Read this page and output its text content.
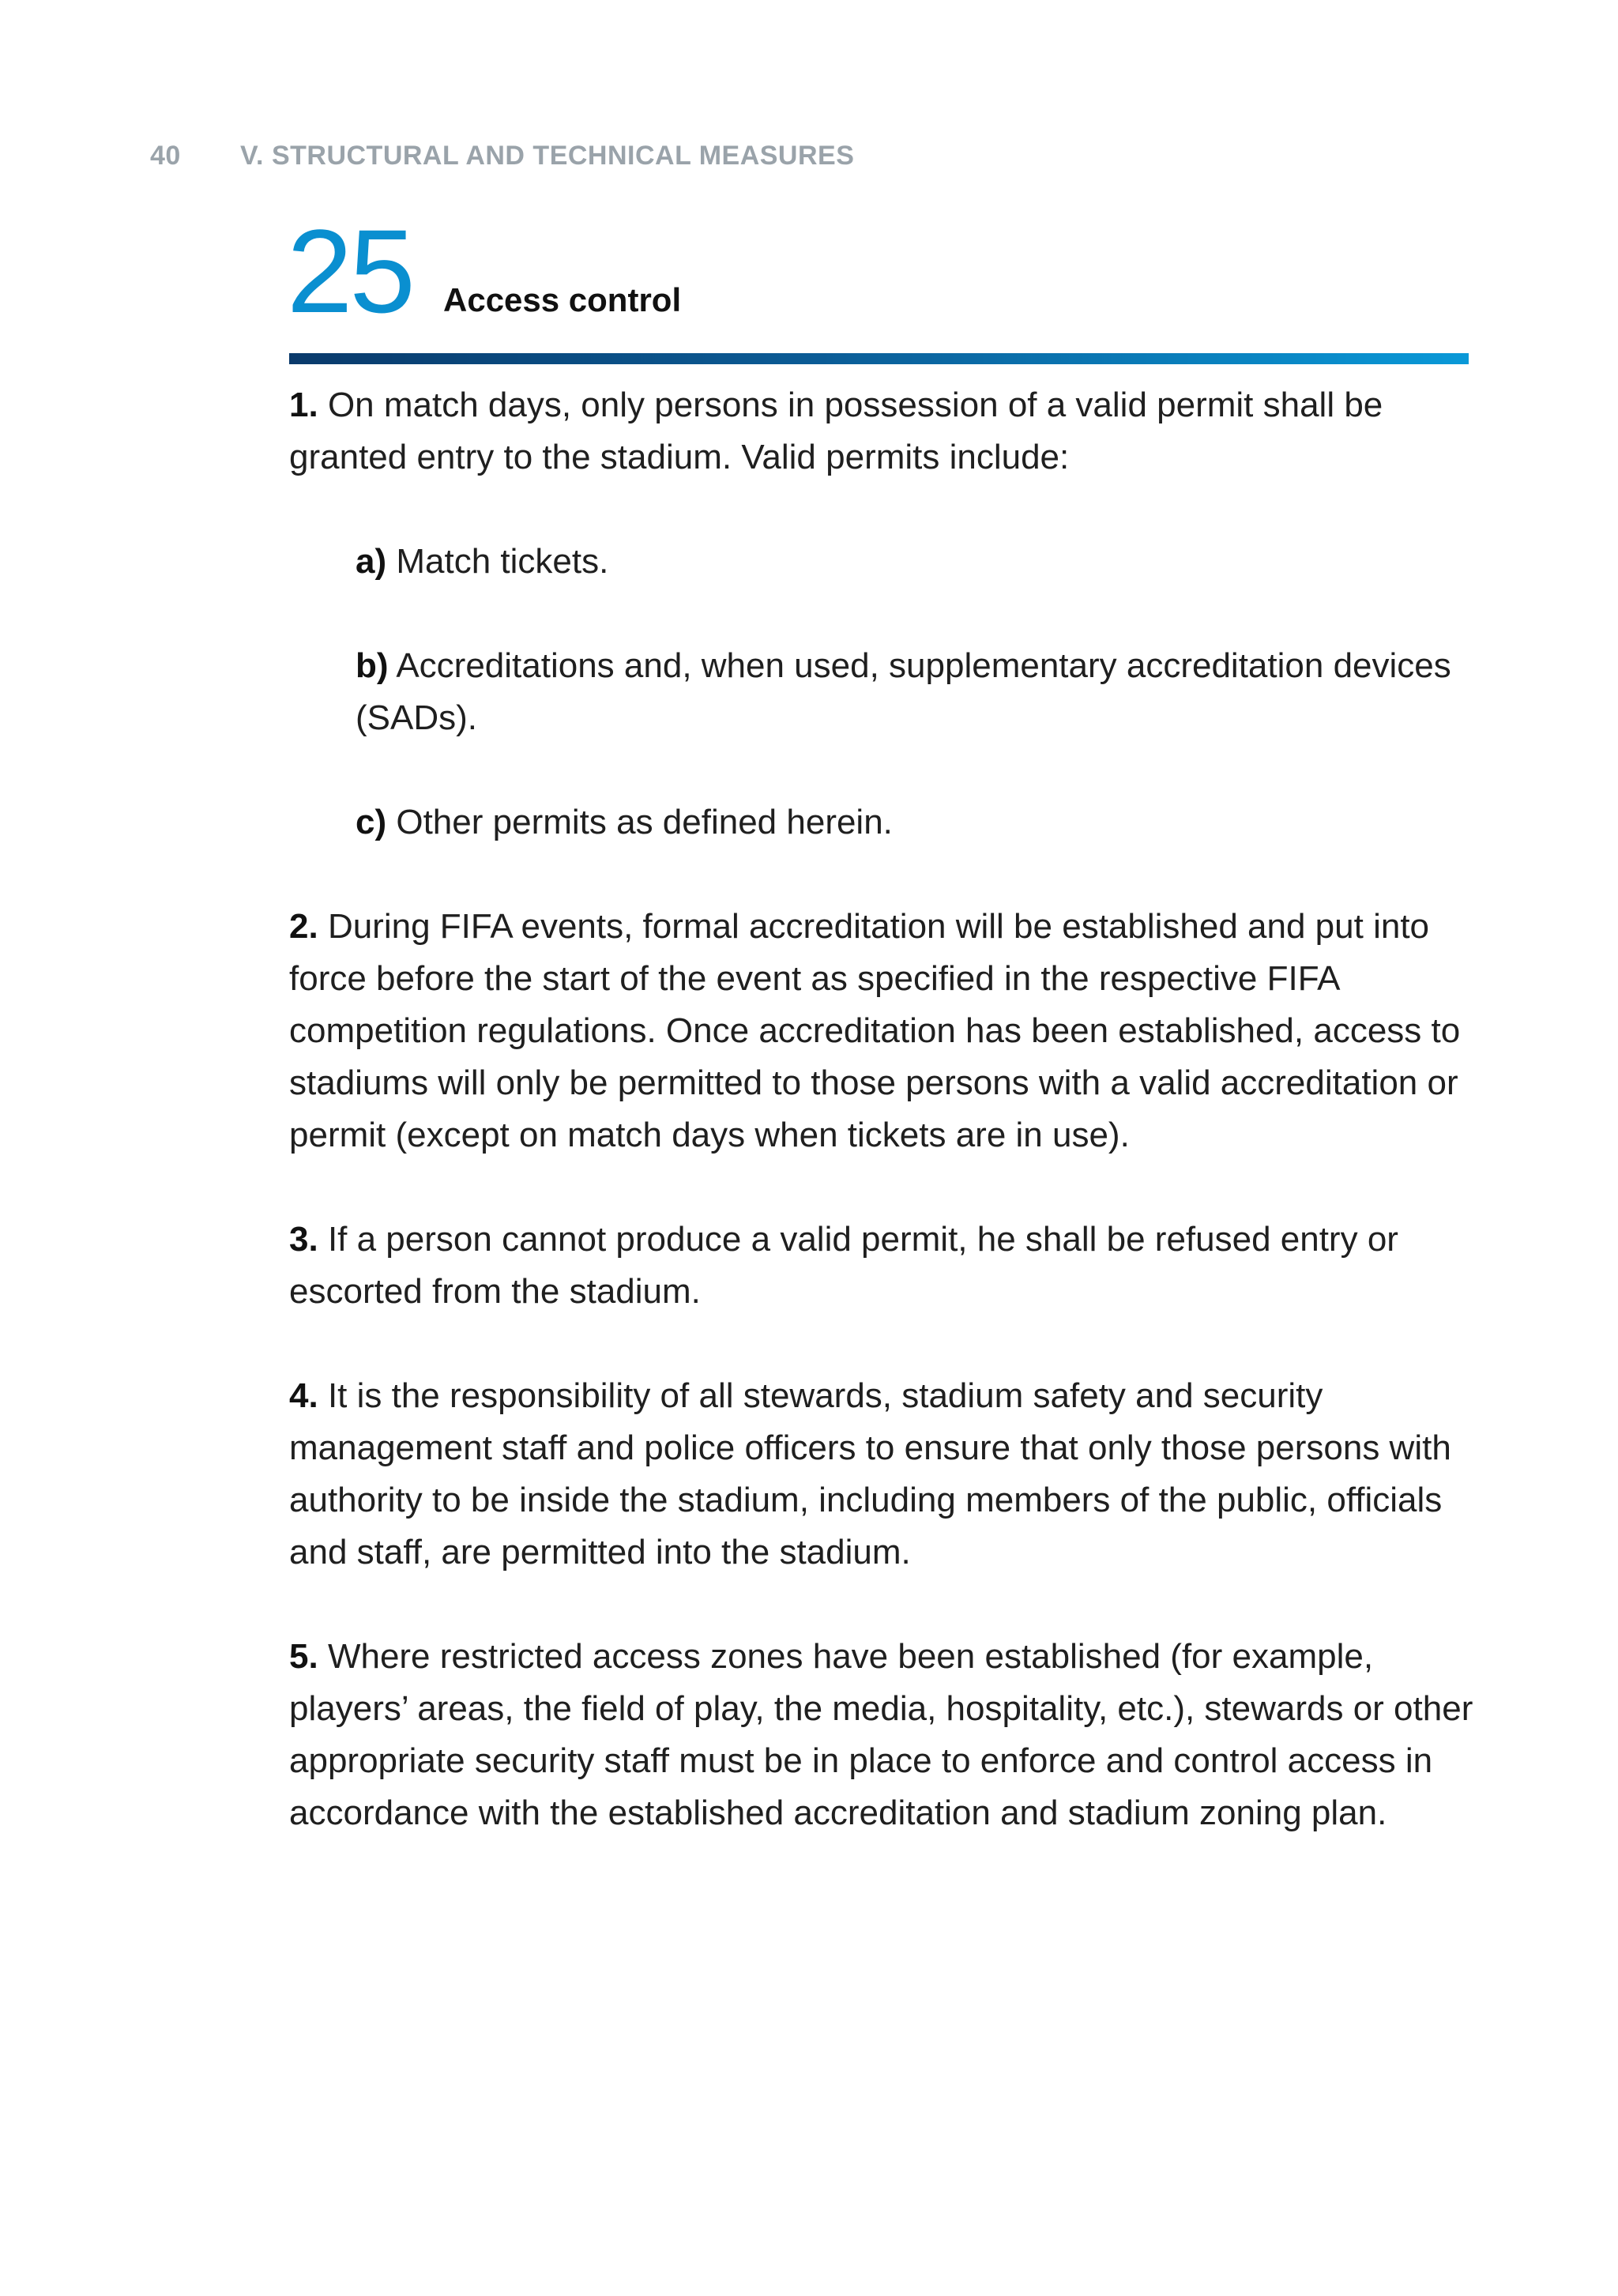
40 V. STRUCTURAL AND TECHNICAL MEASURES
25 Access control

1. On match days, only persons in possession of a valid permit shall be granted entry to the stadium. Valid permits include:

a) Match tickets.

b) Accreditations and, when used, supplementary accreditation devices (SADs).

c) Other permits as defined herein.

2. During FIFA events, formal accreditation will be established and put into force before the start of the event as specified in the respective FIFA competition regulations. Once accreditation has been established, access to stadiums will only be permitted to those persons with a valid accreditation or permit (except on match days when tickets are in use).

3. If a person cannot produce a valid permit, he shall be refused entry or escorted from the stadium.

4. It is the responsibility of all stewards, stadium safety and security management staff and police officers to ensure that only those persons with authority to be inside the stadium, including members of the public, officials and staff, are permitted into the stadium.

5. Where restricted access zones have been established (for example, players’ areas, the field of play, the media, hospitality, etc.), stewards or other appropriate security staff must be in place to enforce and control access in accordance with the established accreditation and stadium zoning plan.
